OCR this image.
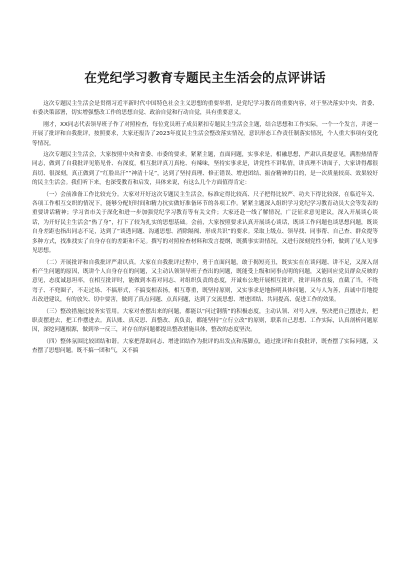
在党纪学习教育专题民主生活会的点评讲话

这次专题民主生活会是贯彻习近平新时代中国特色社会主义思想的重要举措，是党纪学习教育的重要内容，对于坚决落实中央、省委、市委决策部署，切实增强整改工作的思想自觉、政治自觉和行动自觉，具有重要意义。

刚才，XX同志代表领导班子作了对照检查，每位党员班子成员紧扣专题民主生活会主题，结合思想和工作实际，一个一个发言，并逐一开展了批评和自我批评，按照要求，大家还报告了2023年度民主生活会整改落实情况，意识形态工作责任制落实情况，个人重大事项有变化等情况。

这次专题民主生活会，大家按照中央和省委、市委的要求，紧紧主题，直面问题，实事求是，相融思想，严肃认真提意见，满腔热情帮同志，做到了自我批评见筋见骨、有深度，相互批评真刀真枪、有辣味，坚持实事求是，讲党性不讲私情，讲真理不讲面子，大家讲得都很真切、很深刻，真正做到了“红脸出汗”“神清十足”，达到了坚持真理、修正错误、增进团结、振奋精神的目的，是一次质量较高、效果较好的民主生活会。我们听下来，也深受教育和启发，具体来说，有这么几个方面值得肯定：

（一）会前准备工作比较充分。大家对开好这次专题民主生活会，标准定得比较高、尺子把得比较严、功夫下得比较深，在临近年关、各项工作相互交织的情况下，能够分配好时间和精力抗实做好准备环节的各项工作。紧紧主题深入组织学习党纪学习教育动员大会等发表的重要讲话精神；学习省市关于深化和进一步加强党纪学习教育等有关文件；大家还赴一线了解情况，广泛征求意见建议，深入开展谈心谈话，为开好民主生活会“热了身”，打下了较为扎实的思想基础。会前，大家按照要求认真开展谈心谈话，既谈工作问题也谈思想问题，既谈自身差距也指出同志不足，达到了“谈透问题、沟通思想、消除隔阂、形成共识”的要求。采取上级点、领导找、同事帮、自己查、群众提等多种方式，找准找实了自身存在的差距和不足。撰写的对照检查材料和发言提纲，既撰事实讲情况，又进行深刻党性分析，做到了见人见事见思想。

（二）开展批评和自我批评严肃认真。大家在自我批评过程中，勇于直面问题，敢于揭短亮丑，既实实在在谈问题、讲不足，又深入剖析产生问题的原因，既讲个人自身存在的问题，又主动认领领导班子查出的问题，既能受上级和同事点明的问题，又能回应党员群众反映的意见，态度诚恳坦率，在相互批评时，能做到本着对同志、对组织负责的态度，开诚布公地开展相互批评，批评具体直接，直截了当，不绕弯子、不兜圈子，不走过场、不搞形式，不搞变相表扬，相互尊重，既坚持原则，又实事求是地指明具体问题，又与人为善，真诚中肯地提出改进建议，有的放矢、切中要害，做到了真点问题、点真问题，达到了交流思想、增进团结、共同提高、促进工作的效果。

（三）整改措施比较务实管用。大家对查摆出来的问题，都能以“问过钢筋”的积极态度，主动认领、对号入座，坚决把自己摆进去，把职责摆进去，把工作摆进去。真认账、真反思、真整改、真负责，都能坚持“立行立改”的原则，联系自己思想、工作实际，认真剖析问题原因，深挖问题根源，做到举一反三，对存在的问题都提出整改措施具体，整改的态度坚决。

（四）整体氛围比较团结和谐。大家把帮助同志、增进团结作为批评的出发点和落脚点，通过批评和自我批评，既查摆了实际问题，又查摆了思想问题。既不搞一团和气，又不搞
